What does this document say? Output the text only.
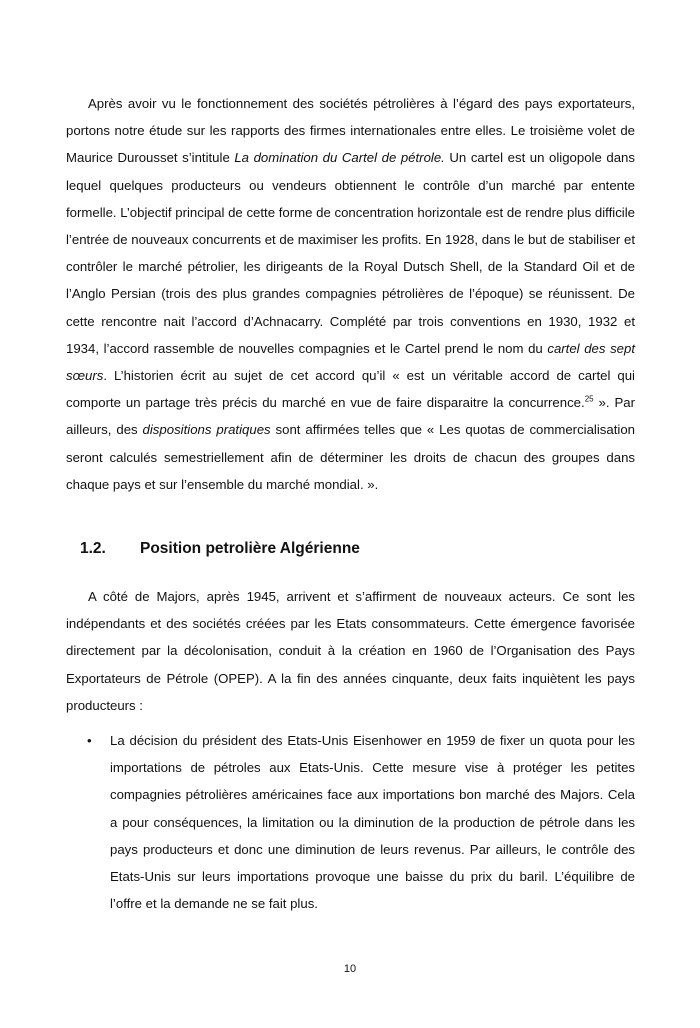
Après avoir vu le fonctionnement des sociétés pétrolières à l’égard des pays exportateurs, portons notre étude sur les rapports des firmes internationales entre elles. Le troisième volet de Maurice Durousset s’intitule La domination du Cartel de pétrole. Un cartel est un oligopole dans lequel quelques producteurs ou vendeurs obtiennent le contrôle d’un marché par entente formelle. L’objectif principal de cette forme de concentration horizontale est de rendre plus difficile l’entrée de nouveaux concurrents et de maximiser les profits. En 1928, dans le but de stabiliser et contrôler le marché pétrolier, les dirigeants de la Royal Dutsch Shell, de la Standard Oil et de l’Anglo Persian (trois des plus grandes compagnies pétrolières de l’époque) se réunissent. De cette rencontre nait l’accord d’Achnacarry. Complété par trois conventions en 1930, 1932 et 1934, l’accord rassemble de nouvelles compagnies et le Cartel prend le nom du cartel des sept sœurs. L’historien écrit au sujet de cet accord qu’il « est un véritable accord de cartel qui comporte un partage très précis du marché en vue de faire disparaitre la concurrence.$^{25}$ ». Par ailleurs, des dispositions pratiques sont affirmées telles que « Les quotas de commercialisation seront calculés semestriellement afin de déterminer les droits de chacun des groupes dans chaque pays et sur l’ensemble du marché mondial. ».

1.2. Position petrolière Algérienne

A côté de Majors, après 1945, arrivent et s’affirment de nouveaux acteurs. Ce sont les indépendants et des sociétés créées par les Etats consommateurs. Cette émergence favorisée directement par la décolonisation, conduit à la création en 1960 de l’Organisation des Pays Exportateurs de Pétrole (OPEP). A la fin des années cinquante, deux faits inquiètent les pays producteurs :

• La décision du président des Etats-Unis Eisenhower en 1959 de fixer un quota pour les importations de pétroles aux Etats-Unis. Cette mesure vise à protéger les petites compagnies pétrolières américaines face aux importations bon marché des Majors. Cela a pour conséquences, la limitation ou la diminution de la production de pétrole dans les pays producteurs et donc une diminution de leurs revenus. Par ailleurs, le contrôle des Etats-Unis sur leurs importations provoque une baisse du prix du baril. L’équilibre de l’offre et la demande ne se fait plus.
10
